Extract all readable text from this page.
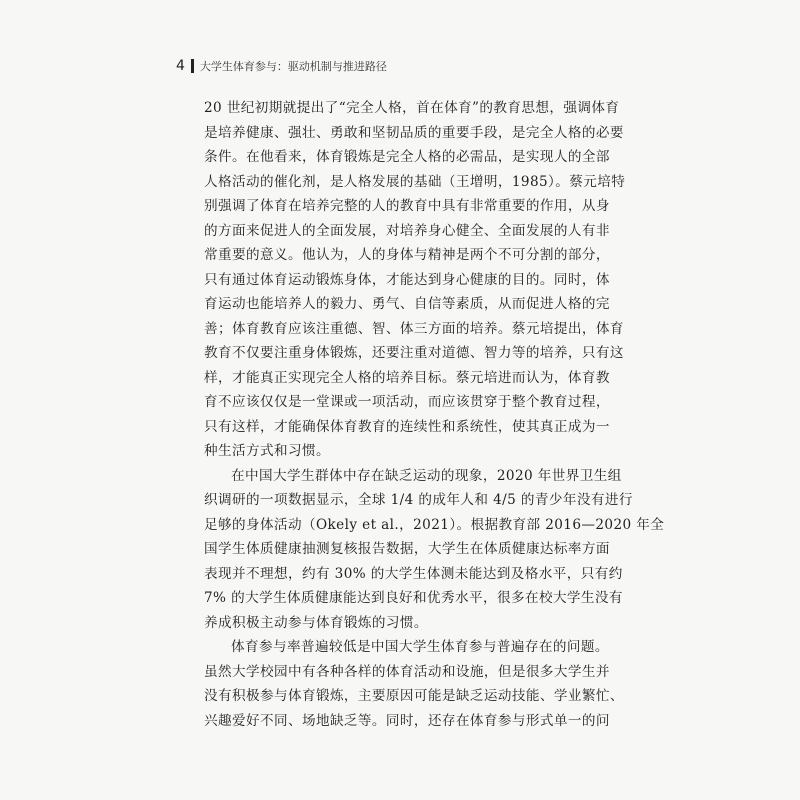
4 大学生体育参与：驱动机制与推进路径
20 世纪初期就提出了“完全人格，首在体育”的教育思想，强调体育
是培养健康、强壮、勇敢和坚韧品质的重要手段，是完全人格的必要
条件。在他看来，体育锻炼是完全人格的必需品，是实现人的全部
人格活动的催化剂，是人格发展的基础（王增明，1985）。蔡元培特
别强调了体育在培养完整的人的教育中具有非常重要的作用，从身
的方面来促进人的全面发展，对培养身心健全、全面发展的人有非
常重要的意义。他认为，人的身体与精神是两个不可分割的部分，
只有通过体育运动锻炼身体，才能达到身心健康的目的。同时，体
育运动也能培养人的毅力、勇气、自信等素质，从而促进人格的完
善；体育教育应该注重德、智、体三方面的培养。蔡元培提出，体育
教育不仅要注重身体锻炼，还要注重对道德、智力等的培养，只有这
样，才能真正实现完全人格的培养目标。蔡元培进而认为，体育教
育不应该仅仅是一堂课或一项活动，而应该贯穿于整个教育过程，
只有这样，才能确保体育教育的连续性和系统性，使其真正成为一
种生活方式和习惯。
在中国大学生群体中存在缺乏运动的现象，2020 年世界卫生组
织调研的一项数据显示，全球 1/4 的成年人和 4/5 的青少年没有进行
足够的身体活动（Okely et al.，2021）。根据教育部 2016—2020 年全
国学生体质健康抽测复核报告数据，大学生在体质健康达标率方面
表现并不理想，约有 30% 的大学生体测未能达到及格水平，只有约
7% 的大学生体质健康能达到良好和优秀水平，很多在校大学生没有
养成积极主动参与体育锻炼的习惯。
体育参与率普遍较低是中国大学生体育参与普遍存在的问题。
虽然大学校园中有各种各样的体育活动和设施，但是很多大学生并
没有积极参与体育锻炼，主要原因可能是缺乏运动技能、学业繁忙、
兴趣爱好不同、场地缺乏等。同时，还存在体育参与形式单一的问
